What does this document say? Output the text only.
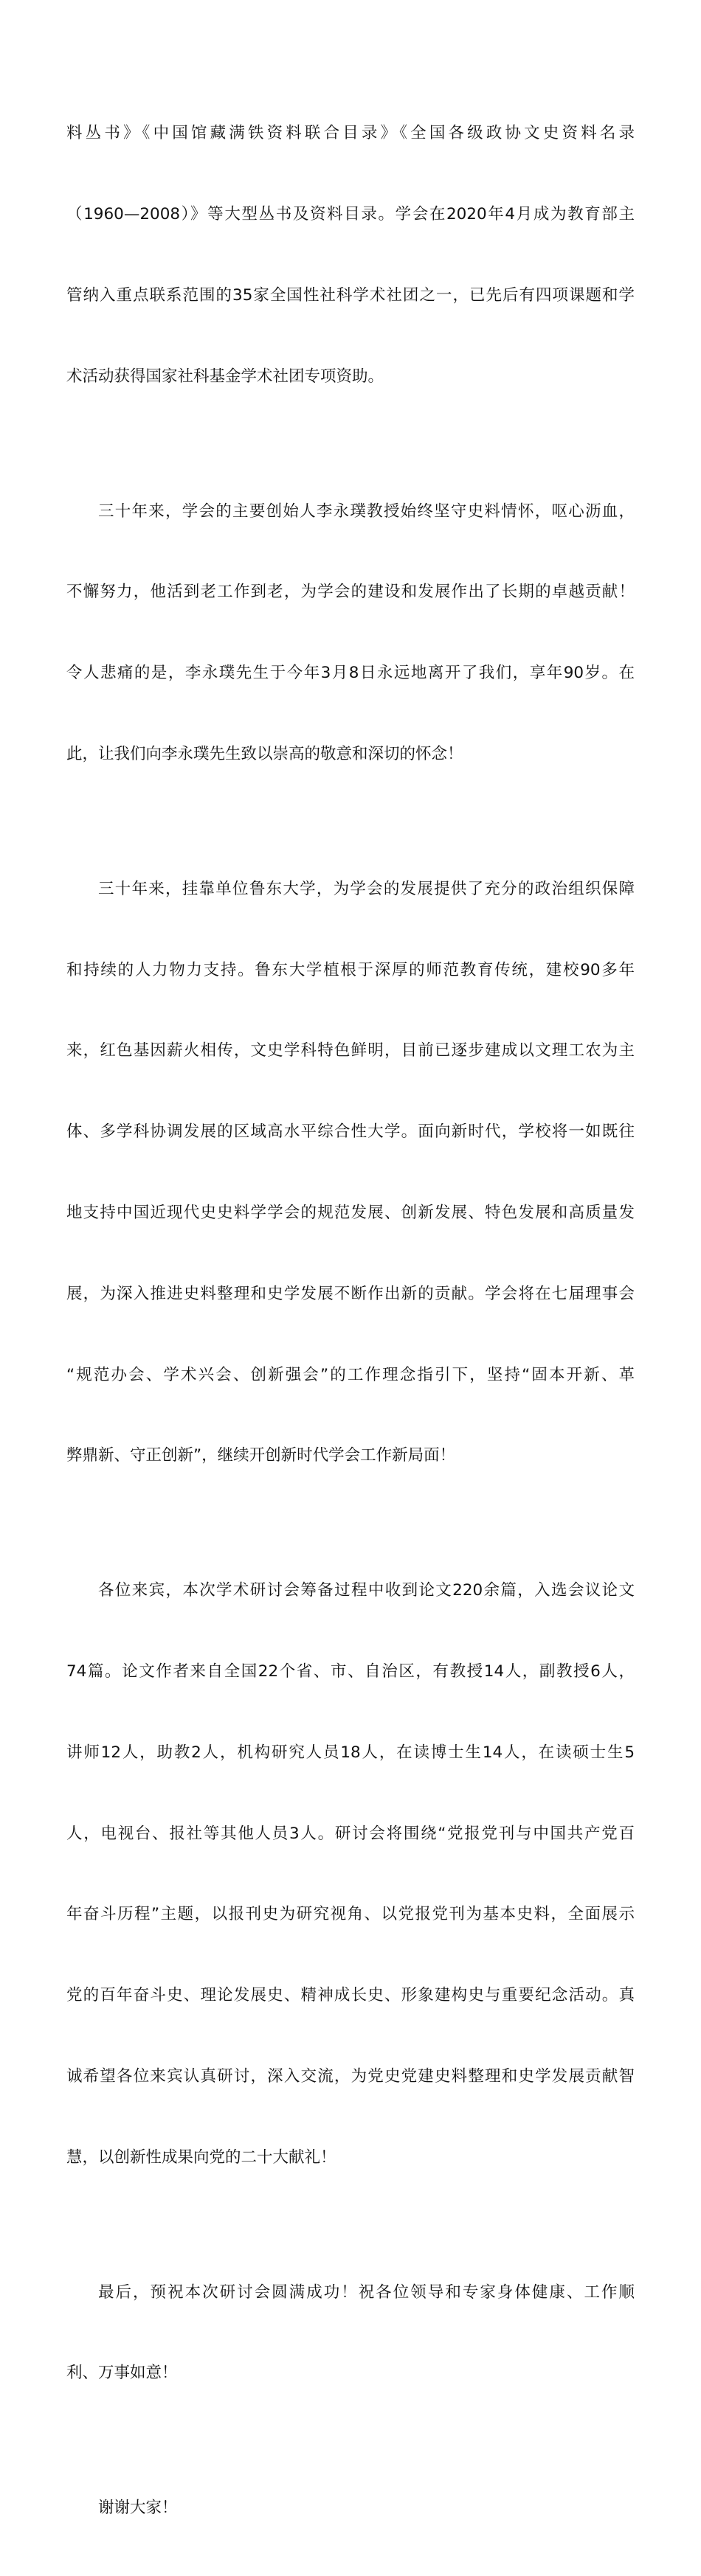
料丛书》《中国馆藏满铁资料联合目录》《全国各级政协文史资料名录

（1960—2008）》等大型丛书及资料目录。学会在2020年4月成为教育部主

管纳入重点联系范围的35家全国性社科学术社团之一，已先后有四项课题和学

术活动获得国家社科基金学术社团专项资助。

三十年来，学会的主要创始人李永璞教授始终坚守史料情怀，呕心沥血，

不懈努力，他活到老工作到老，为学会的建设和发展作出了长期的卓越贡献！

令人悲痛的是，李永璞先生于今年3月8日永远地离开了我们，享年90岁。在

此，让我们向李永璞先生致以崇高的敬意和深切的怀念！

三十年来，挂靠单位鲁东大学，为学会的发展提供了充分的政治组织保障

和持续的人力物力支持。鲁东大学植根于深厚的师范教育传统，建校90多年

来，红色基因薪火相传，文史学科特色鲜明，目前已逐步建成以文理工农为主

体、多学科协调发展的区域高水平综合性大学。面向新时代，学校将一如既往

地支持中国近现代史史料学学会的规范发展、创新发展、特色发展和高质量发

展，为深入推进史料整理和史学发展不断作出新的贡献。学会将在七届理事会

“规范办会、学术兴会、创新强会”的工作理念指引下，坚持“固本开新、革

弊鼎新、守正创新”，继续开创新时代学会工作新局面！

各位来宾，本次学术研讨会筹备过程中收到论文220余篇，入选会议论文

74篇。论文作者来自全国22个省、市、自治区，有教授14人，副教授6人，

讲师12人，助教2人，机构研究人员18人，在读博士生14人，在读硕士生5

人，电视台、报社等其他人员3人。研讨会将围绕“党报党刊与中国共产党百

年奋斗历程”主题，以报刊史为研究视角、以党报党刊为基本史料，全面展示

党的百年奋斗史、理论发展史、精神成长史、形象建构史与重要纪念活动。真

诚希望各位来宾认真研讨，深入交流，为党史党建史料整理和史学发展贡献智

慧，以创新性成果向党的二十大献礼！

最后，预祝本次研讨会圆满成功！祝各位领导和专家身体健康、工作顺

利、万事如意！

谢谢大家！
